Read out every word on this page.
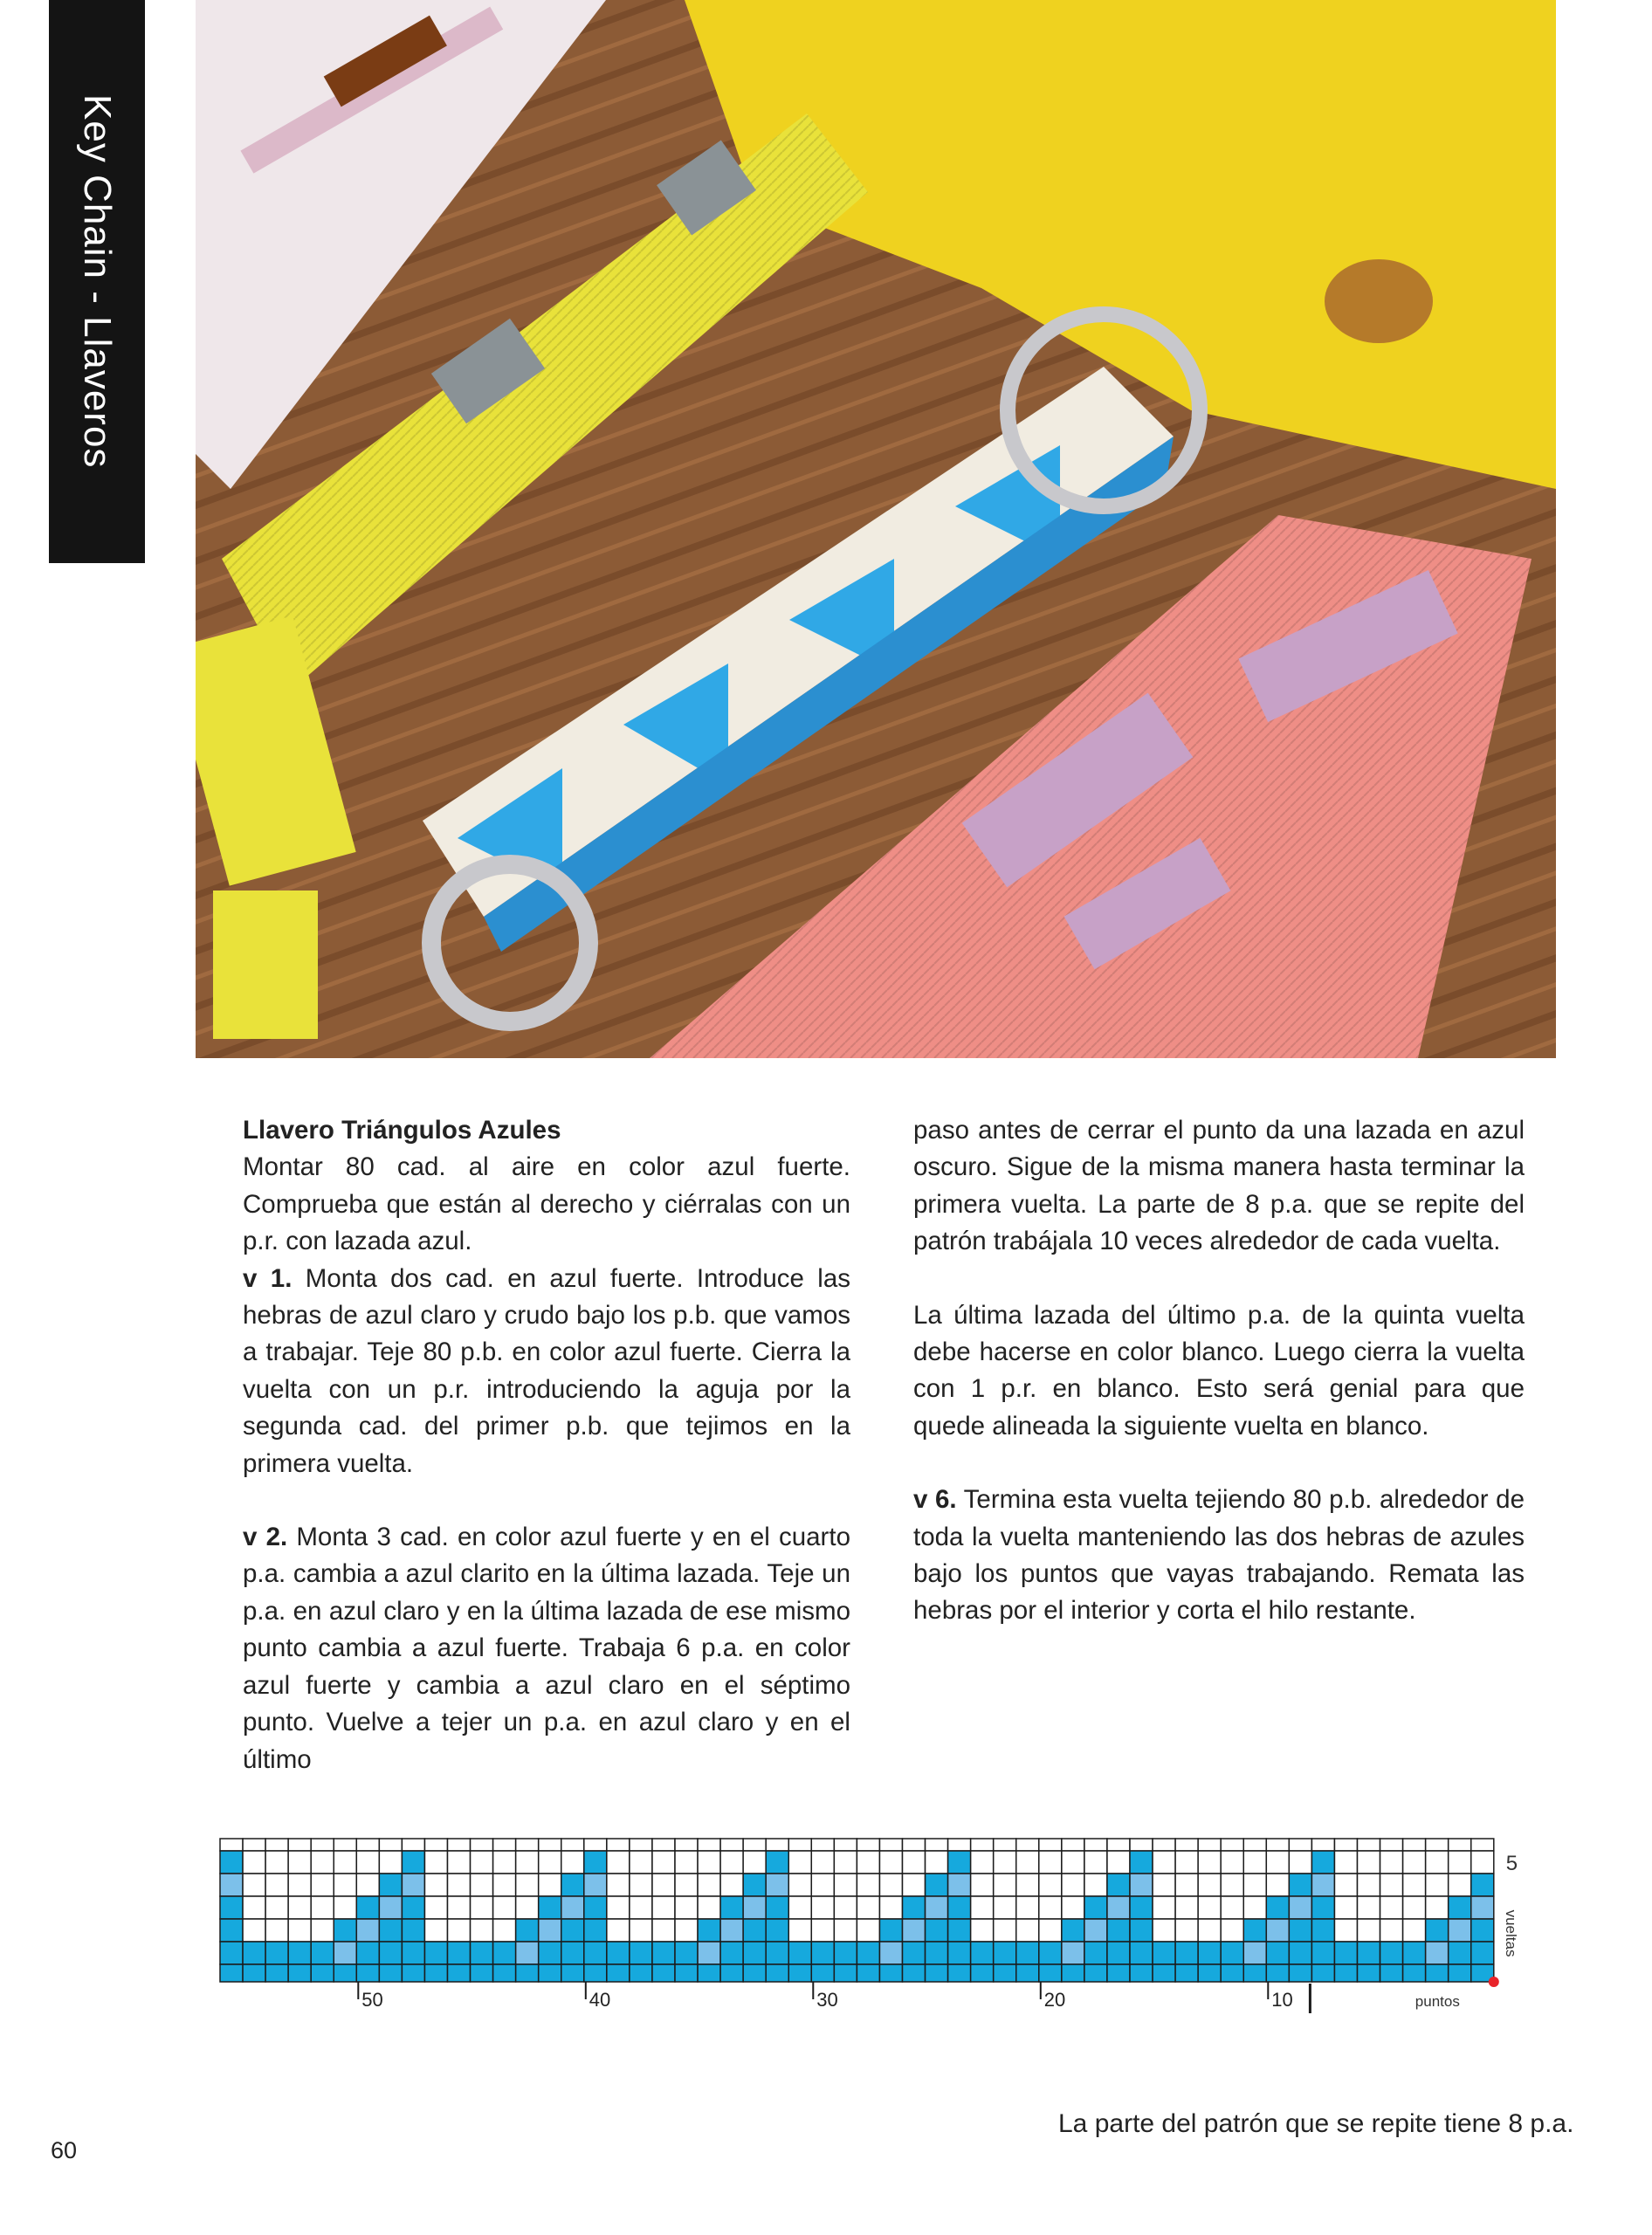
Key Chain - Llaveros

Llavero Triángulos Azules
Montar 80 cad. al aire en color azul fuerte. Comprueba que están al derecho y ciérralas con un p.r. con lazada azul.

v 1. Monta dos cad. en azul fuerte. Introduce las hebras de azul claro y crudo bajo los p.b. que vamos a trabajar. Teje 80 p.b. en color azul fuerte. Cierra la vuelta con un p.r. introduciendo la aguja por la segunda cad. del primer p.b. que tejimos en la primera vuelta.

v 2. Monta 3 cad. en color azul fuerte y en el cuarto p.a. cambia a azul clarito en la última lazada. Teje un p.a. en azul claro y en la última lazada de ese mismo punto cambia a azul fuerte. Trabaja 6 p.a. en color azul fuerte y cambia a azul claro en el séptimo punto. Vuelve a tejer un p.a. en azul claro y en el último

paso antes de cerrar el punto da una lazada en azul oscuro. Sigue de la misma manera hasta terminar la primera vuelta. La parte de 8 p.a. que se repite del patrón trabájala 10 veces alrededor de cada vuelta.

La última lazada del último p.a. de la quinta vuelta debe hacerse en color blanco. Luego cierra la vuelta con 1 p.r. en blanco. Esto será genial para que quede alineada la siguiente vuelta en blanco.

v 6. Termina esta vuelta tejiendo 80 p.b. alrededor de toda la vuelta manteniendo las dos hebras de azules bajo los puntos que vayas trabajando. Remata las hebras por el interior y corta el hilo restante.

50	40	30	20	10	puntos
5
vueltas
La parte del patrón que se repite tiene 8 p.a.
60
